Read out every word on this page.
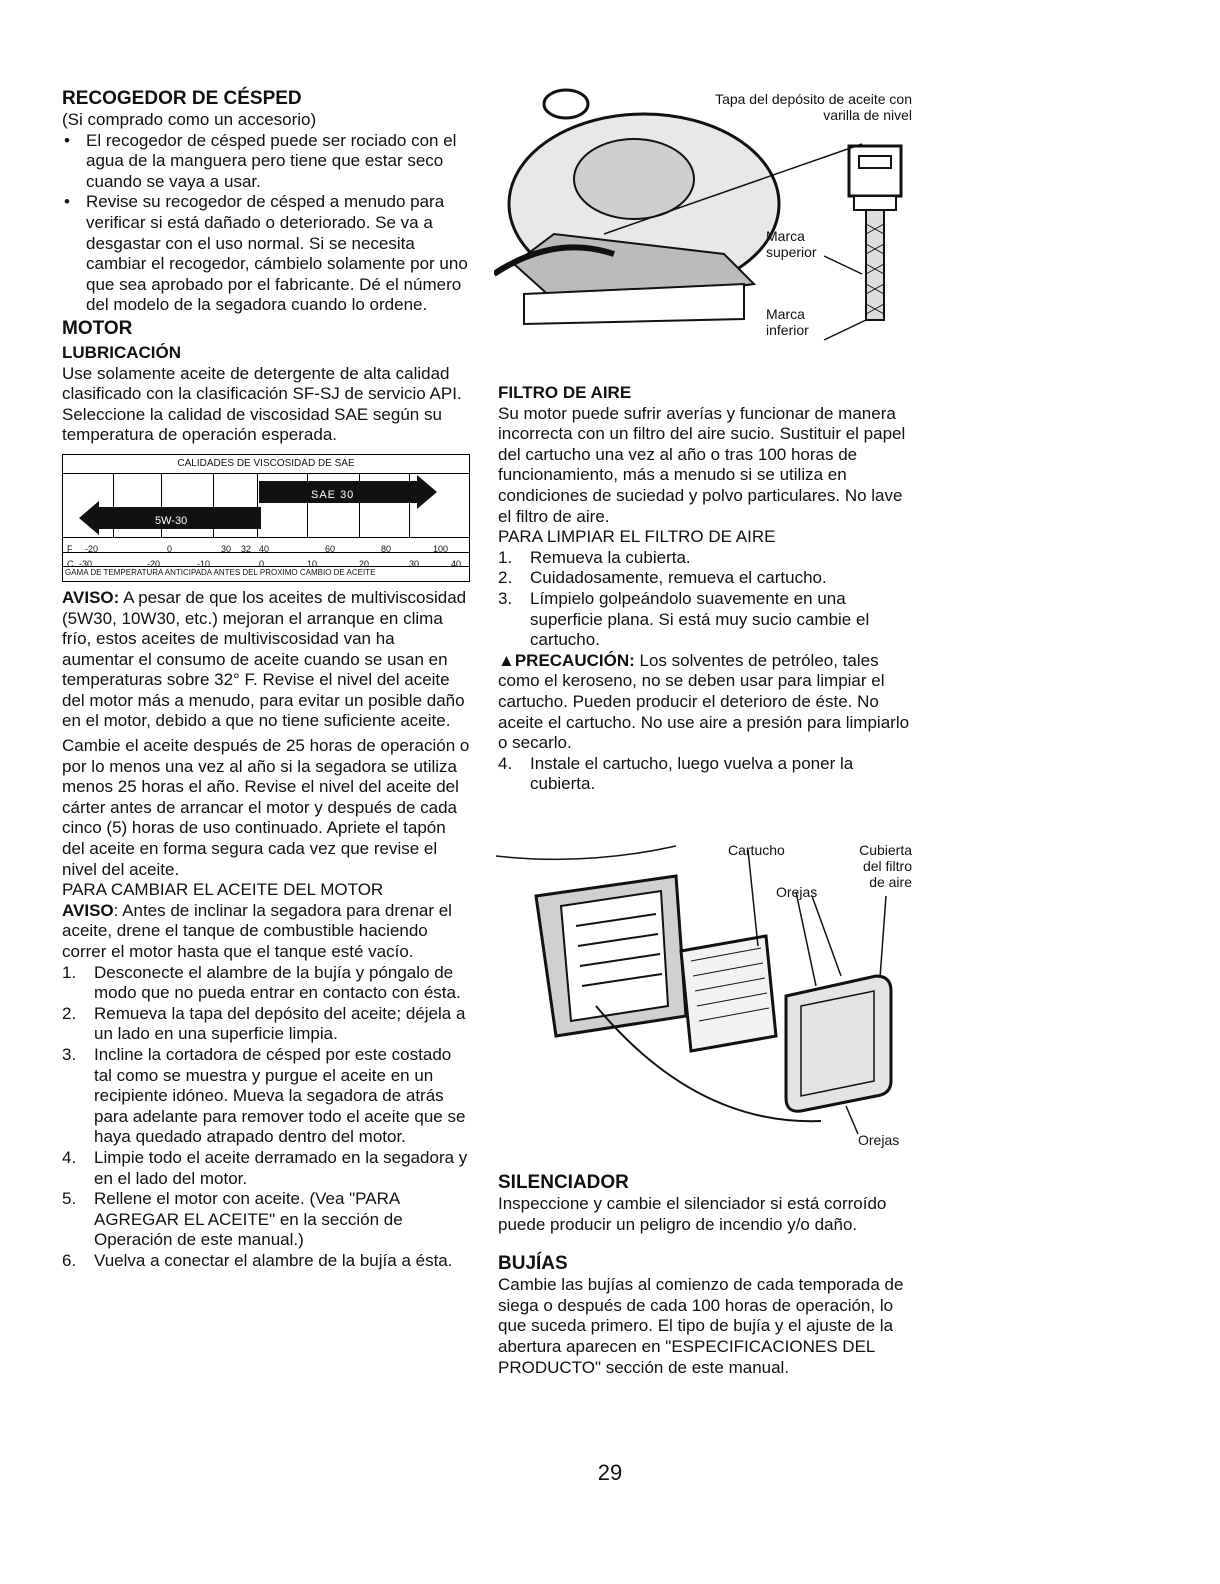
RECOGEDOR DE CÉSPED
(Si comprado como un accesorio)
• El recogedor de césped puede ser rociado con el agua de la manguera pero tiene que estar seco cuando se vaya a usar.
• Revise su recogedor de césped a menudo para verificar si está dañado o deteriorado. Se va a desgastar con el uso normal. Si se necesita cambiar el recogedor, cámbielo solamente por uno que sea aprobado por el fabricante. Dé el número del modelo de la segadora cuando lo ordene.
MOTOR
LUBRICACIÓN
Use solamente aceite de detergente de alta calidad clasificado con la clasificación SF-SJ de servicio API. Seleccione la calidad de viscosidad SAE según su temperatura de operación esperada.
CALIDADES DE VISCOSIDAD DE SAE
SAE 30
5W-30
F -20	0	30 32 40	60	80	100
C -30	-20	-10	0	10	20	30	40
GAMA DE TEMPERATURA ANTICIPADA ANTES DEL PROXIMO CAMBIO DE ACEITE
AVISO: A pesar de que los aceites de multiviscosidad (5W30, 10W30, etc.) mejoran el arranque en clima frío, estos aceites de multiviscosidad van ha aumentar el consumo de aceite cuando se usan en temperaturas sobre 32° F. Revise el nivel del aceite del motor más a menudo, para evitar un posible daño en el motor, debido a que no tiene suficiente aceite.
Cambie el aceite después de 25 horas de operación o por lo menos una vez al año si la segadora se utiliza menos 25 horas el año. Revise el nivel del aceite del cárter antes de arrancar el motor y después de cada cinco (5) horas de uso continuado. Apriete el tapón del aceite en forma segura cada vez que revise el nivel del aceite.
PARA CAMBIAR EL ACEITE DEL MOTOR
AVISO: Antes de inclinar la segadora para drenar el aceite, drene el tanque de combustible haciendo correr el motor hasta que el tanque esté vacío.
1. Desconecte el alambre de la bujía y póngalo de modo que no pueda entrar en contacto con ésta.
2. Remueva la tapa del depósito del aceite; déjela a un lado en una superficie limpia.
3. Incline la cortadora de césped por este costado tal como se muestra y purgue el aceite en un recipiente idóneo. Mueva la segadora de atrás para adelante para remover todo el aceite que se haya quedado atrapado dentro del motor.
4. Limpie todo el aceite derramado en la segadora y en el lado del motor.
5. Rellene el motor con aceite. (Vea "PARA AGREGAR EL ACEITE" en la sección de Operación de este manual.)
6. Vuelva a conectar el alambre de la bujía a ésta.
Tapa del depósito de aceite con varilla de nivel
Marca superior
Marca inferior
FILTRO DE AIRE
Su motor puede sufrir averías y funcionar de manera incorrecta con un filtro del aire sucio. Sustituir el papel del cartucho una vez al año o tras 100 horas de funcionamiento, más a menudo si se utiliza en condiciones de suciedad y polvo particulares. No lave el filtro de aire.
PARA LIMPIAR EL FILTRO DE AIRE
1. Remueva la cubierta.
2. Cuidadosamente, remueva el cartucho.
3. Límpielo golpeándolo suavemente en una superficie plana. Si está muy sucio cambie el cartucho.
▲PRECAUCIÓN: Los solventes de petróleo, tales como el keroseno, no se deben usar para limpiar el cartucho. Pueden producir el deterioro de éste. No aceite el cartucho. No use aire a presión para limpiarlo o secarlo.
4. Instale el cartucho, luego vuelva a poner la cubierta.
Cartucho	Cubierta del filtro de aire
Orejas
Orejas
SILENCIADOR
Inspeccione y cambie el silenciador si está corroído puede producir un peligro de incendio y/o daño.
BUJÍAS
Cambie las bujías al comienzo de cada temporada de siega o después de cada 100 horas de operación, lo que suceda primero. El tipo de bujía y el ajuste de la abertura aparecen en "ESPECIFICACIONES DEL PRODUCTO" sección de este manual.
29
